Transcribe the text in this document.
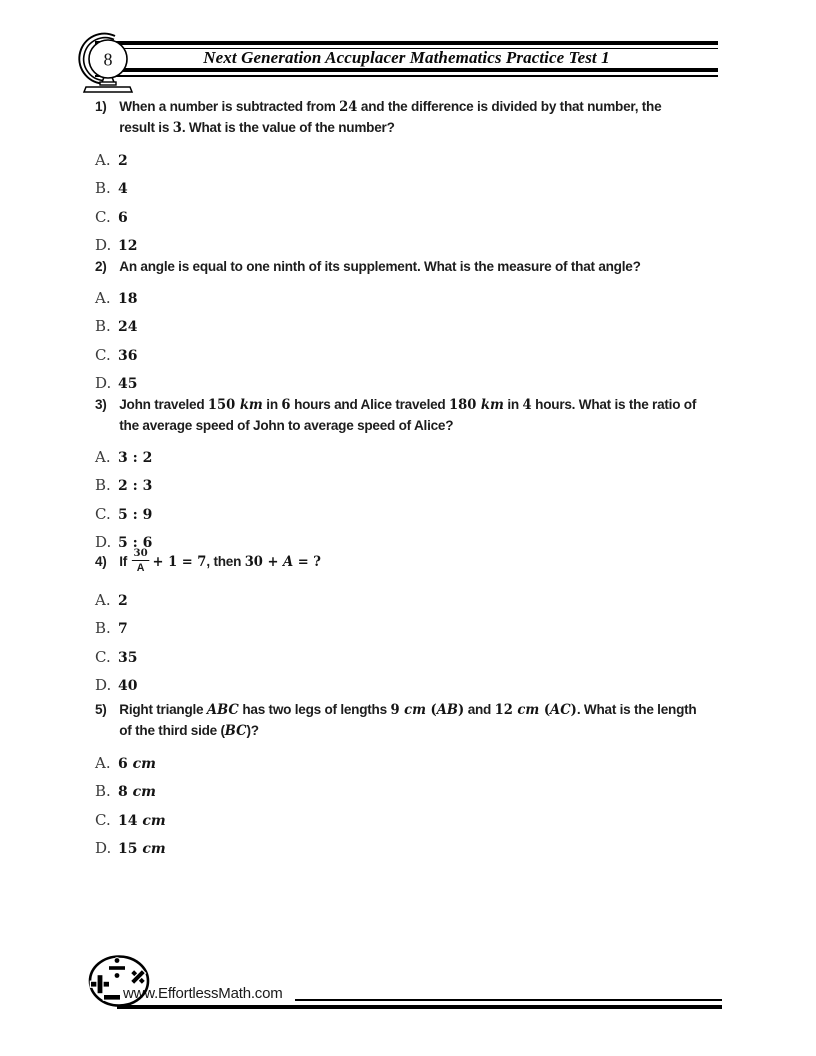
Next Generation Accuplacer Mathematics Practice Test 1
8
1) When a number is subtracted from 24 and the difference is divided by that number, the
result is 3. What is the value of the number?
A. 2
B. 4
C. 6
D. 12
2) An angle is equal to one ninth of its supplement. What is the measure of that angle?
A. 18
B. 24
C. 36
D. 45
3) John traveled 150 km in 6 hours and Alice traveled 180 km in 4 hours. What is the ratio of
the average speed of John to average speed of Alice?
A. 3 : 2
B. 2 : 3
C. 5 : 9
D. 5 : 6
4) If $\frac{30}{A} + 1 = 7$, then 30 + A = ?
A. 2
B. 7
C. 35
D. 40
5) Right triangle ABC has two legs of lengths 9 cm (AB) and 12 cm (AC). What is the length
of the third side (BC)?
A. 6 cm
B. 8 cm
C. 14 cm
D. 15 cm
www.EffortlessMath.com
